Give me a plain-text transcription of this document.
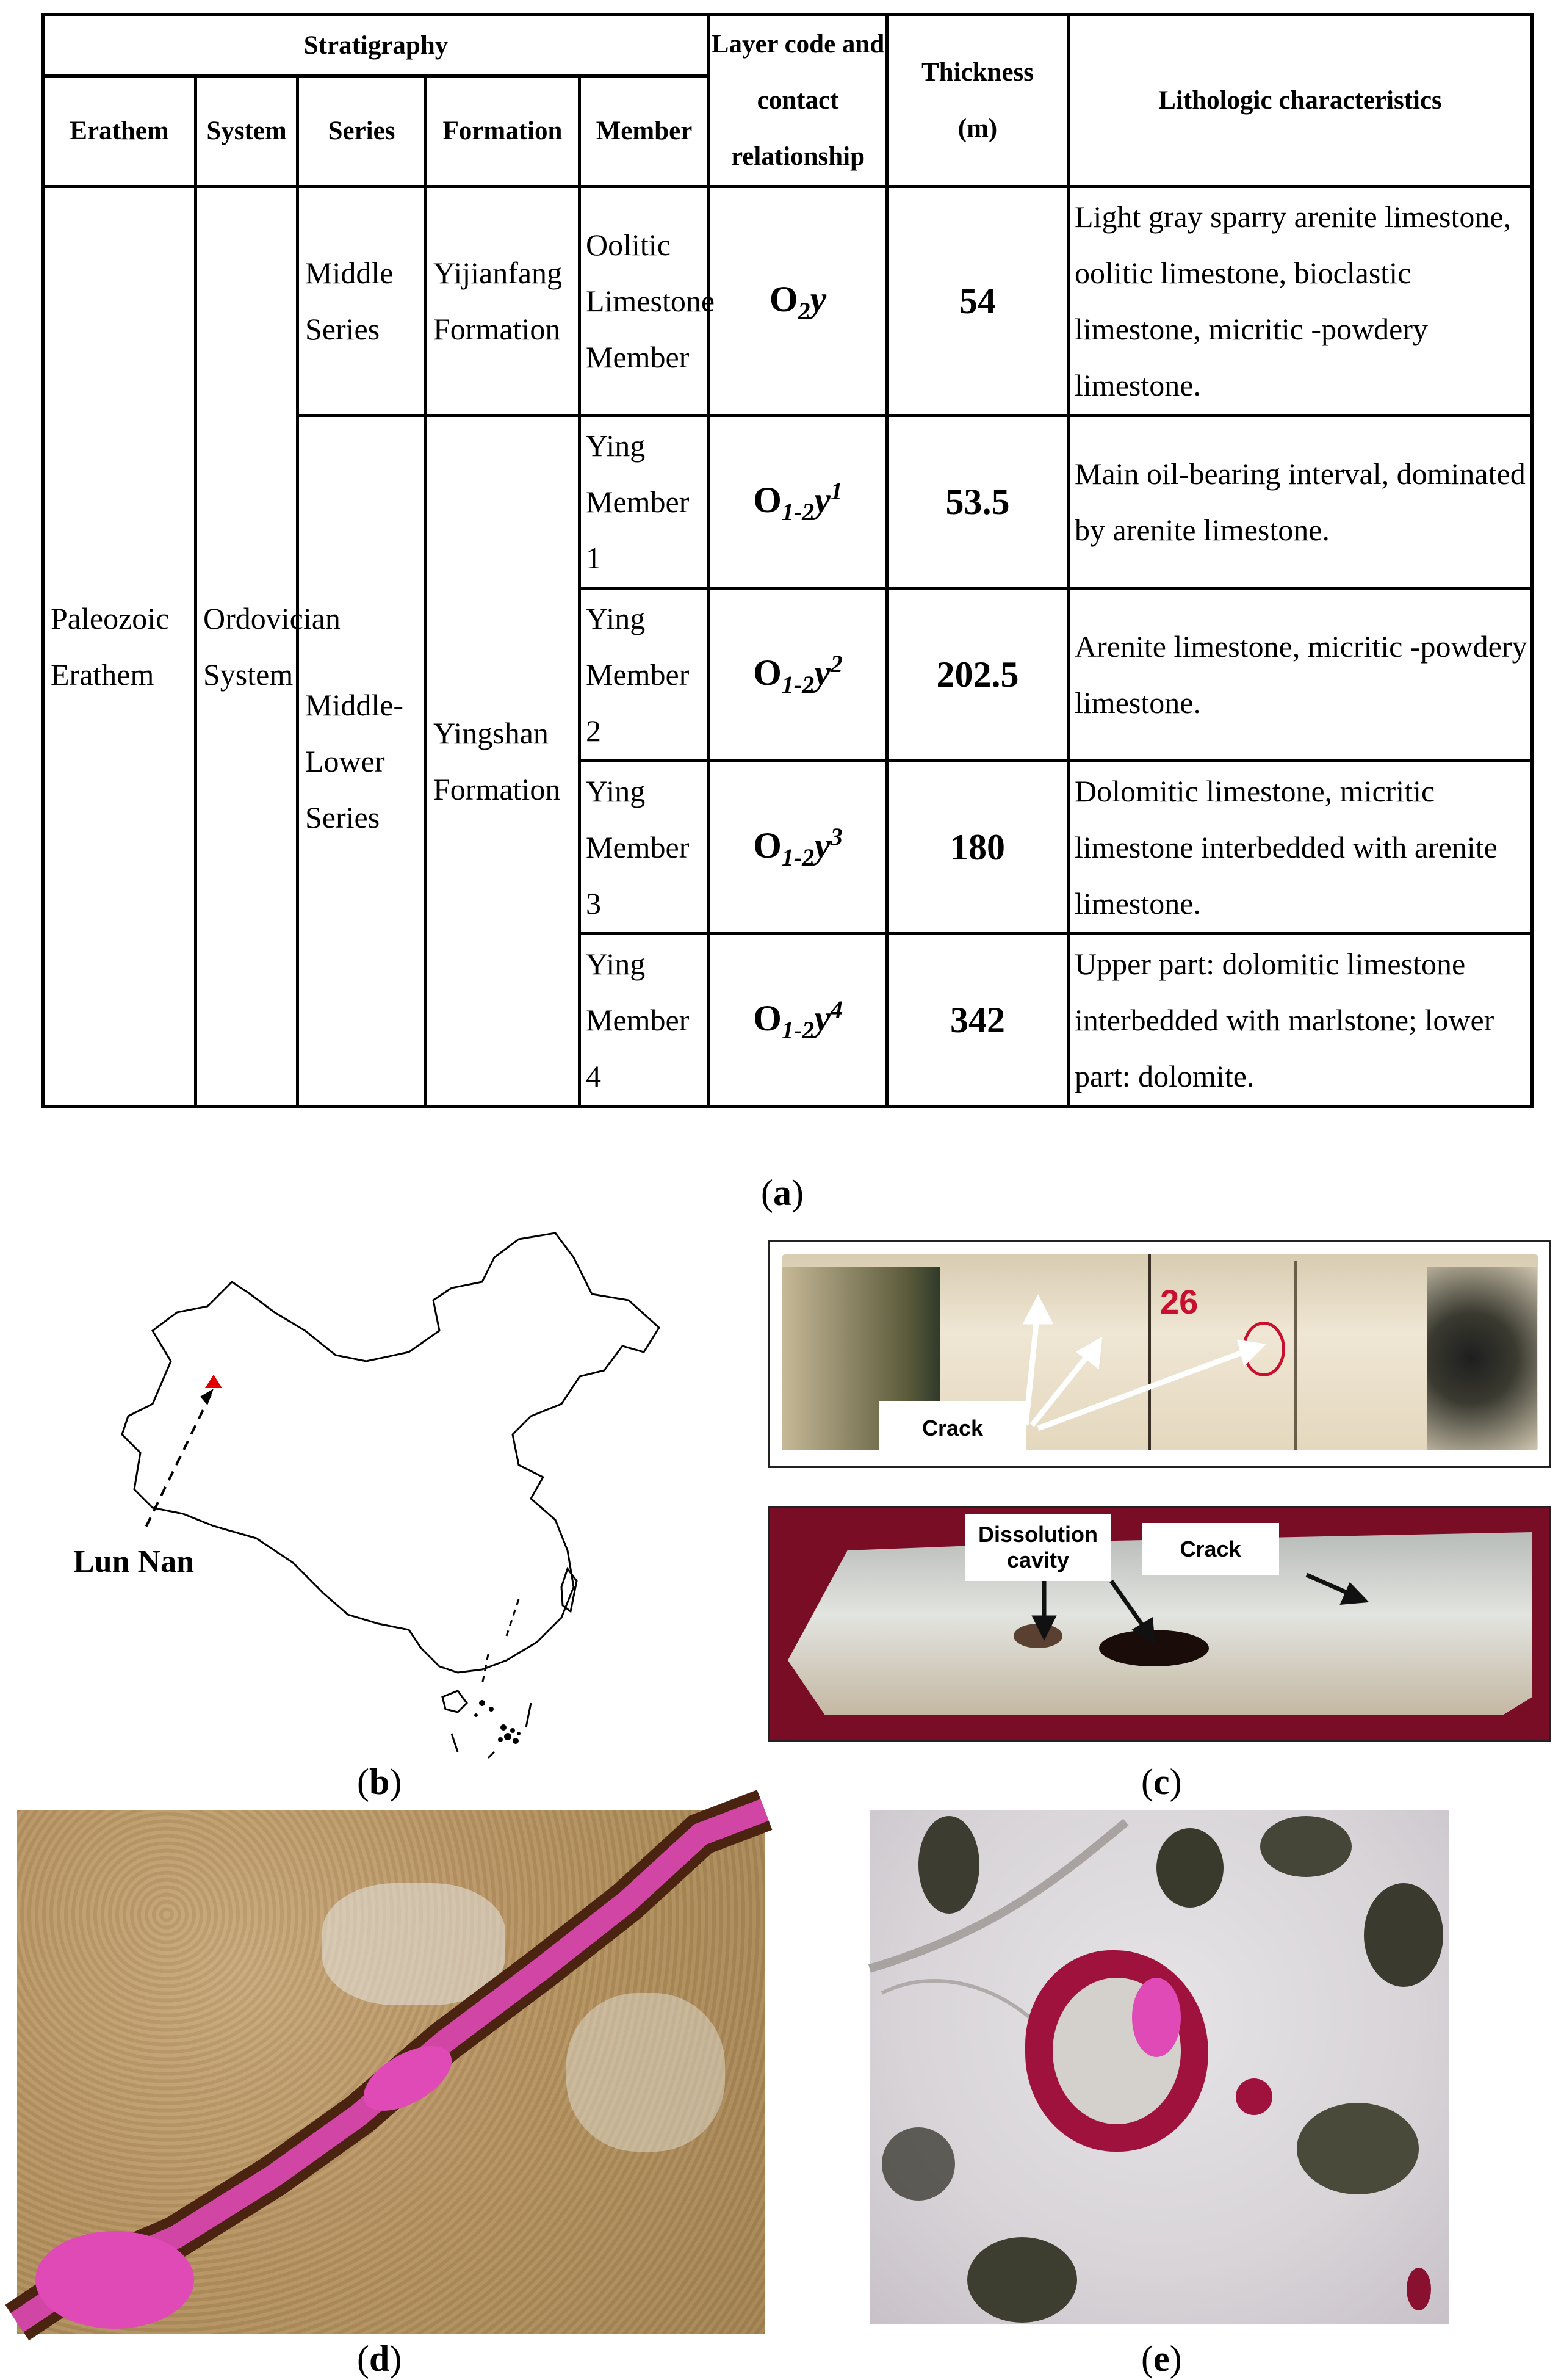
Stratigraphy					Layer code and contact relationship	Thickness (m)	Lithologic characteristics
Erathem	System	Series	Formation	Member			
Paleozoic Erathem	Ordovician System	Middle Series	Yijianfang Formation	Oolitic Limestone Member	$O_2y$	54	Light gray sparry arenite limestone, oolitic limestone, bioclastic limestone, micritic -powdery limestone.
		Middle-Lower Series	Yingshan Formation	Ying Member 1	$O_{1-2}y^1$	53.5	Main oil-bearing interval, dominated by arenite limestone.
				Ying Member 2	$O_{1-2}y^2$	202.5	Arenite limestone, micritic -powdery limestone.
				Ying Member 3	$O_{1-2}y^3$	180	Dolomitic limestone, micritic limestone interbedded with arenite limestone.
				Ying Member 4	$O_{1-2}y^4$	342	Upper part: dolomitic limestone interbedded with marlstone; lower part: dolomite.
(a)
Lun Nan
(b)
26
Crack
Dissolution cavity	Crack
(c)
(d)	(e)
